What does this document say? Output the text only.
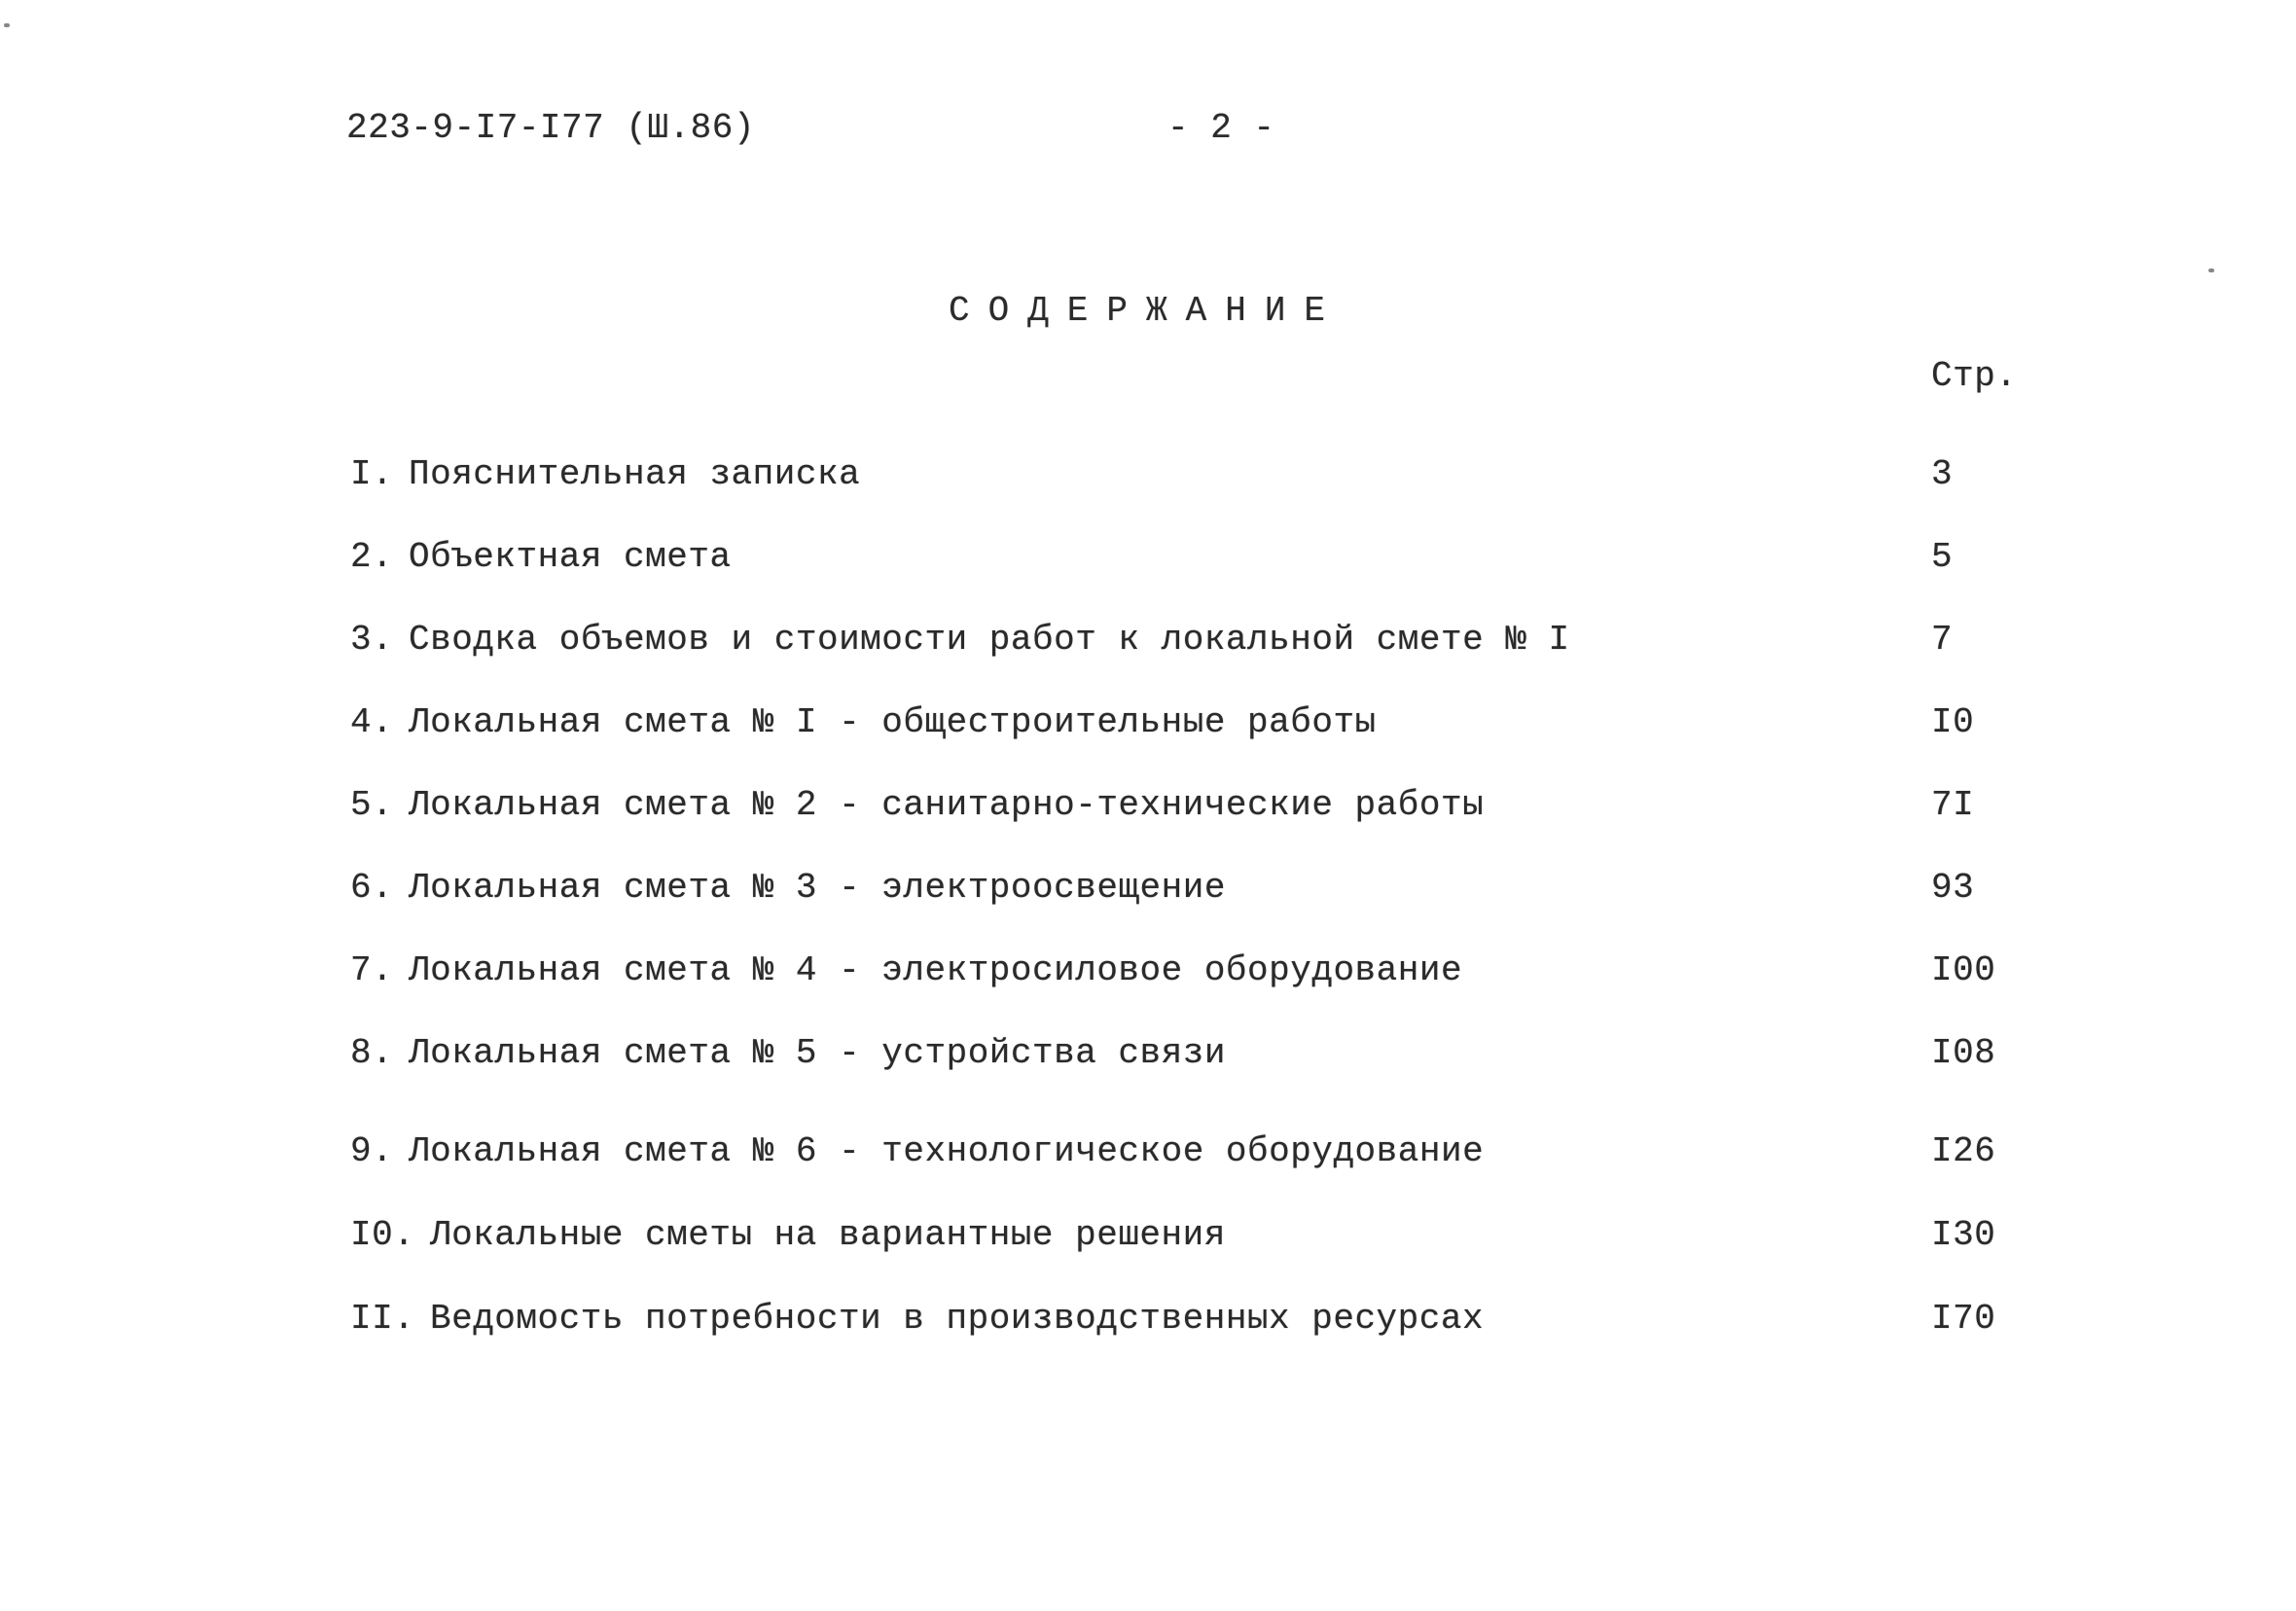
223-9-I7-I77 (Ш.86)	- 2 -
СОДЕРЖАНИЕ
Стр.
I. Пояснительная записка	3
2. Объектная смета	5
3. Сводка объемов и стоимости работ к локальной смете № I	7
4. Локальная смета № I - общестроительные работы	I0
5. Локальная смета № 2 - санитарно-технические работы	7I
6. Локальная смета № 3 - электроосвещение	93
7. Локальная смета № 4 - электросиловое оборудование	I00
8. Локальная смета № 5 - устройства связи	I08
9. Локальная смета № 6 - технологическое оборудование	I26
I0. Локальные сметы на вариантные решения	I30
II. Ведомость потребности в производственных ресурсах	I70
